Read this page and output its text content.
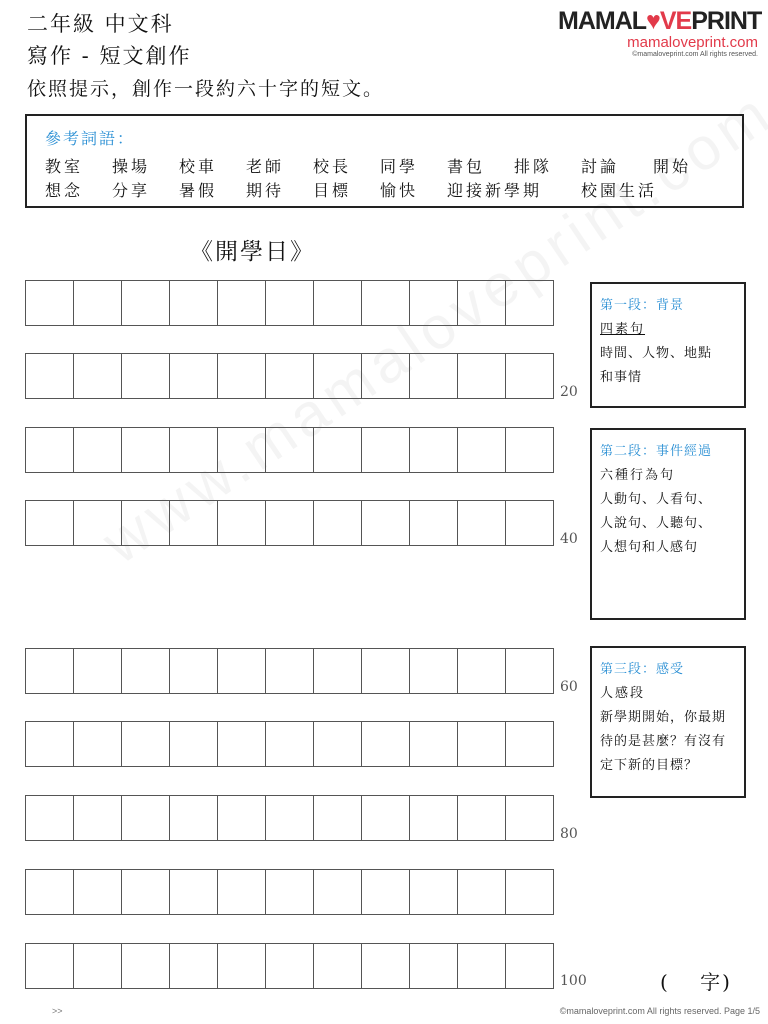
二年級 中文科
寫作 - 短文創作
依照提示，創作一段約六十字的短文。
MAMAL♥VEPRINT
mamaloveprint.com
©mamaloveprint.com All rights reserved.
參考詞語：
教室 操場 校車 老師 校長 同學 書包 排隊 討論 開始
想念 分享 暑假 期待 目標 愉快 迎接新學期 校園生活
《開學日》
20
40
60
80
100
第一段：背景
四素句
時間、人物、地點
和事情
第二段：事件經過
六種行為句
人動句、人看句、
人說句、人聽句、
人想句和人感句
第三段：感受
人感段
新學期開始，你最期
待的是甚麼？有沒有
定下新的目標？
(　 字)
>>	©mamaloveprint.com All rights reserved. Page 1/5
